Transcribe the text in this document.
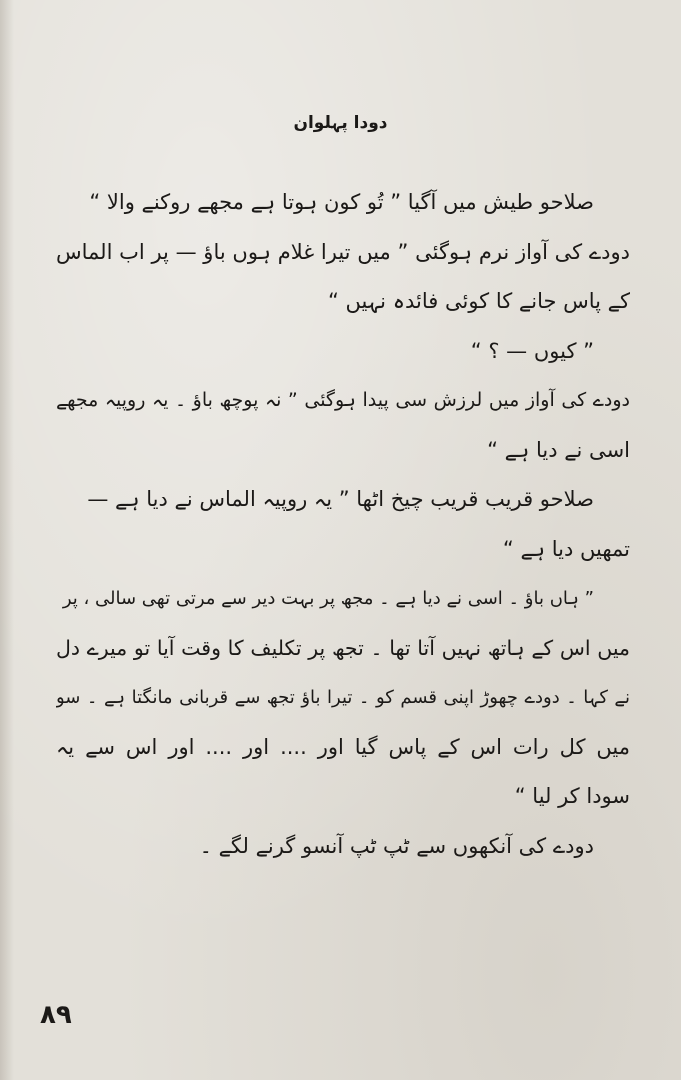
دودا پہلوان
صلاحو طیش میں آگیا ” تُو کون ہوتا ہے مجھے روکنے والا “
دودے کی آواز نرم ہوگئی ” میں تیرا غلام ہوں باؤ — پر اب الماس
کے پاس جانے کا کوئی فائدہ نہیں “
” کیوں — ؟ “
دودے کی آواز میں لرزش سی پیدا ہوگئی ” نہ پوچھ باؤ ۔ یہ روپیہ مجھے
اسی نے دیا ہے “
صلاحو قریب قریب چیخ اٹھا ” یہ روپیہ الماس نے دیا ہے —
تمھیں دیا ہے “
” ہاں باؤ ۔ اسی نے دیا ہے ۔ مجھ پر بہت دیر سے مرتی تھی سالی ، پر
میں اس کے ہاتھ نہیں آتا تھا ۔ تجھ پر تکلیف کا وقت آیا تو میرے دل
نے کہا ۔ دودے چھوڑ اپنی قسم کو ۔ تیرا باؤ تجھ سے قربانی مانگتا ہے ۔ سو
میں کل رات اس کے پاس گیا اور .... اور .... اور اس سے یہ
سودا کر لیا “
دودے کی آنکھوں سے ٹپ ٹپ آنسو گرنے لگے ۔
۸۹
